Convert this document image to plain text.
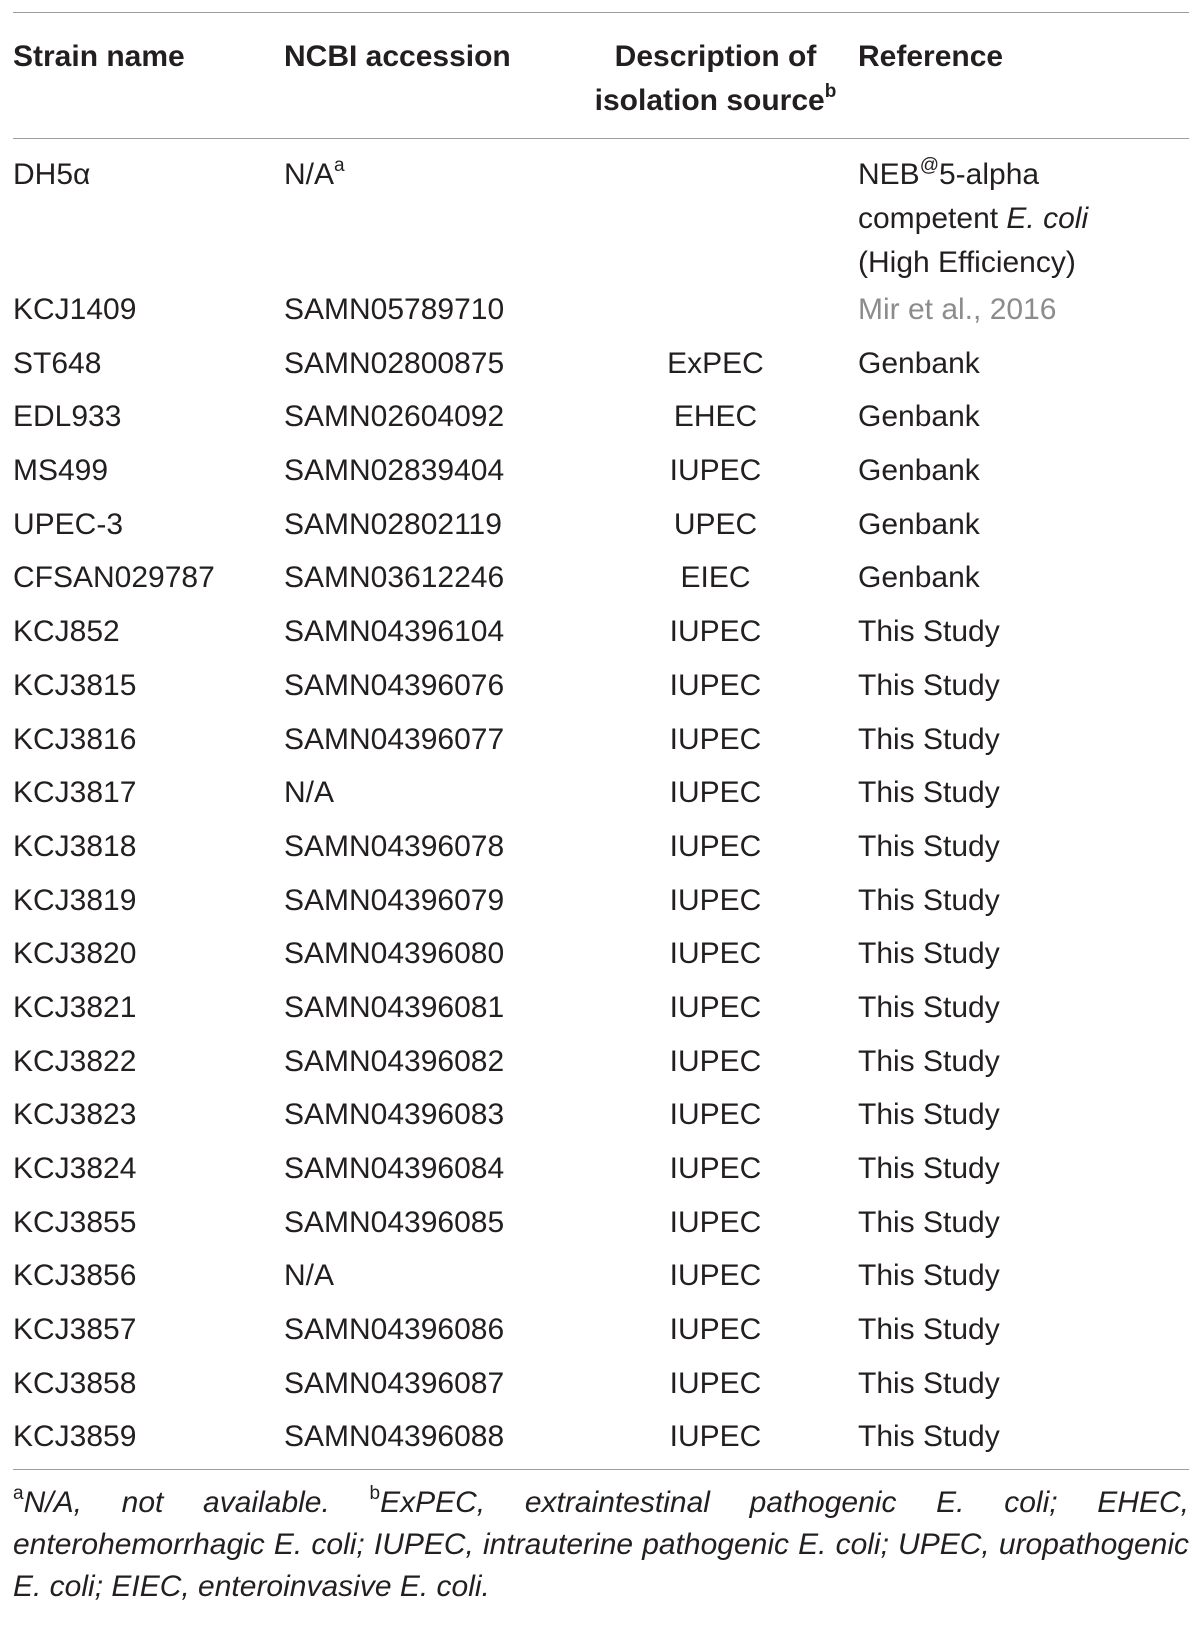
Strain name	NCBI accession	Description of
isolation source$^b$	Reference
DH5α	$N/A^a$		NEB@5-alpha
competent E. coli
(High Efficiency)
KCJ1409	SAMN05789710		Mir et al., 2016
ST648	SAMN02800875	ExPEC	Genbank
EDL933	SAMN02604092	EHEC	Genbank
MS499	SAMN02839404	IUPEC	Genbank
UPEC-3	SAMN02802119	UPEC	Genbank
CFSAN029787	SAMN03612246	EIEC	Genbank
KCJ852	SAMN04396104	IUPEC	This Study
KCJ3815	SAMN04396076	IUPEC	This Study
KCJ3816	SAMN04396077	IUPEC	This Study
KCJ3817	N/A	IUPEC	This Study
KCJ3818	SAMN04396078	IUPEC	This Study
KCJ3819	SAMN04396079	IUPEC	This Study
KCJ3820	SAMN04396080	IUPEC	This Study
KCJ3821	SAMN04396081	IUPEC	This Study
KCJ3822	SAMN04396082	IUPEC	This Study
KCJ3823	SAMN04396083	IUPEC	This Study
KCJ3824	SAMN04396084	IUPEC	This Study
KCJ3855	SAMN04396085	IUPEC	This Study
KCJ3856	N/A	IUPEC	This Study
KCJ3857	SAMN04396086	IUPEC	This Study
KCJ3858	SAMN04396087	IUPEC	This Study
KCJ3859	SAMN04396088	IUPEC	This Study
$^a$N/A, not available. $^b$ExPEC, extraintestinal pathogenic E. coli; EHEC, enterohemorrhagic E. coli; IUPEC, intrauterine pathogenic E. coli; UPEC, uropathogenic E. coli; EIEC, enteroinvasive E. coli.
